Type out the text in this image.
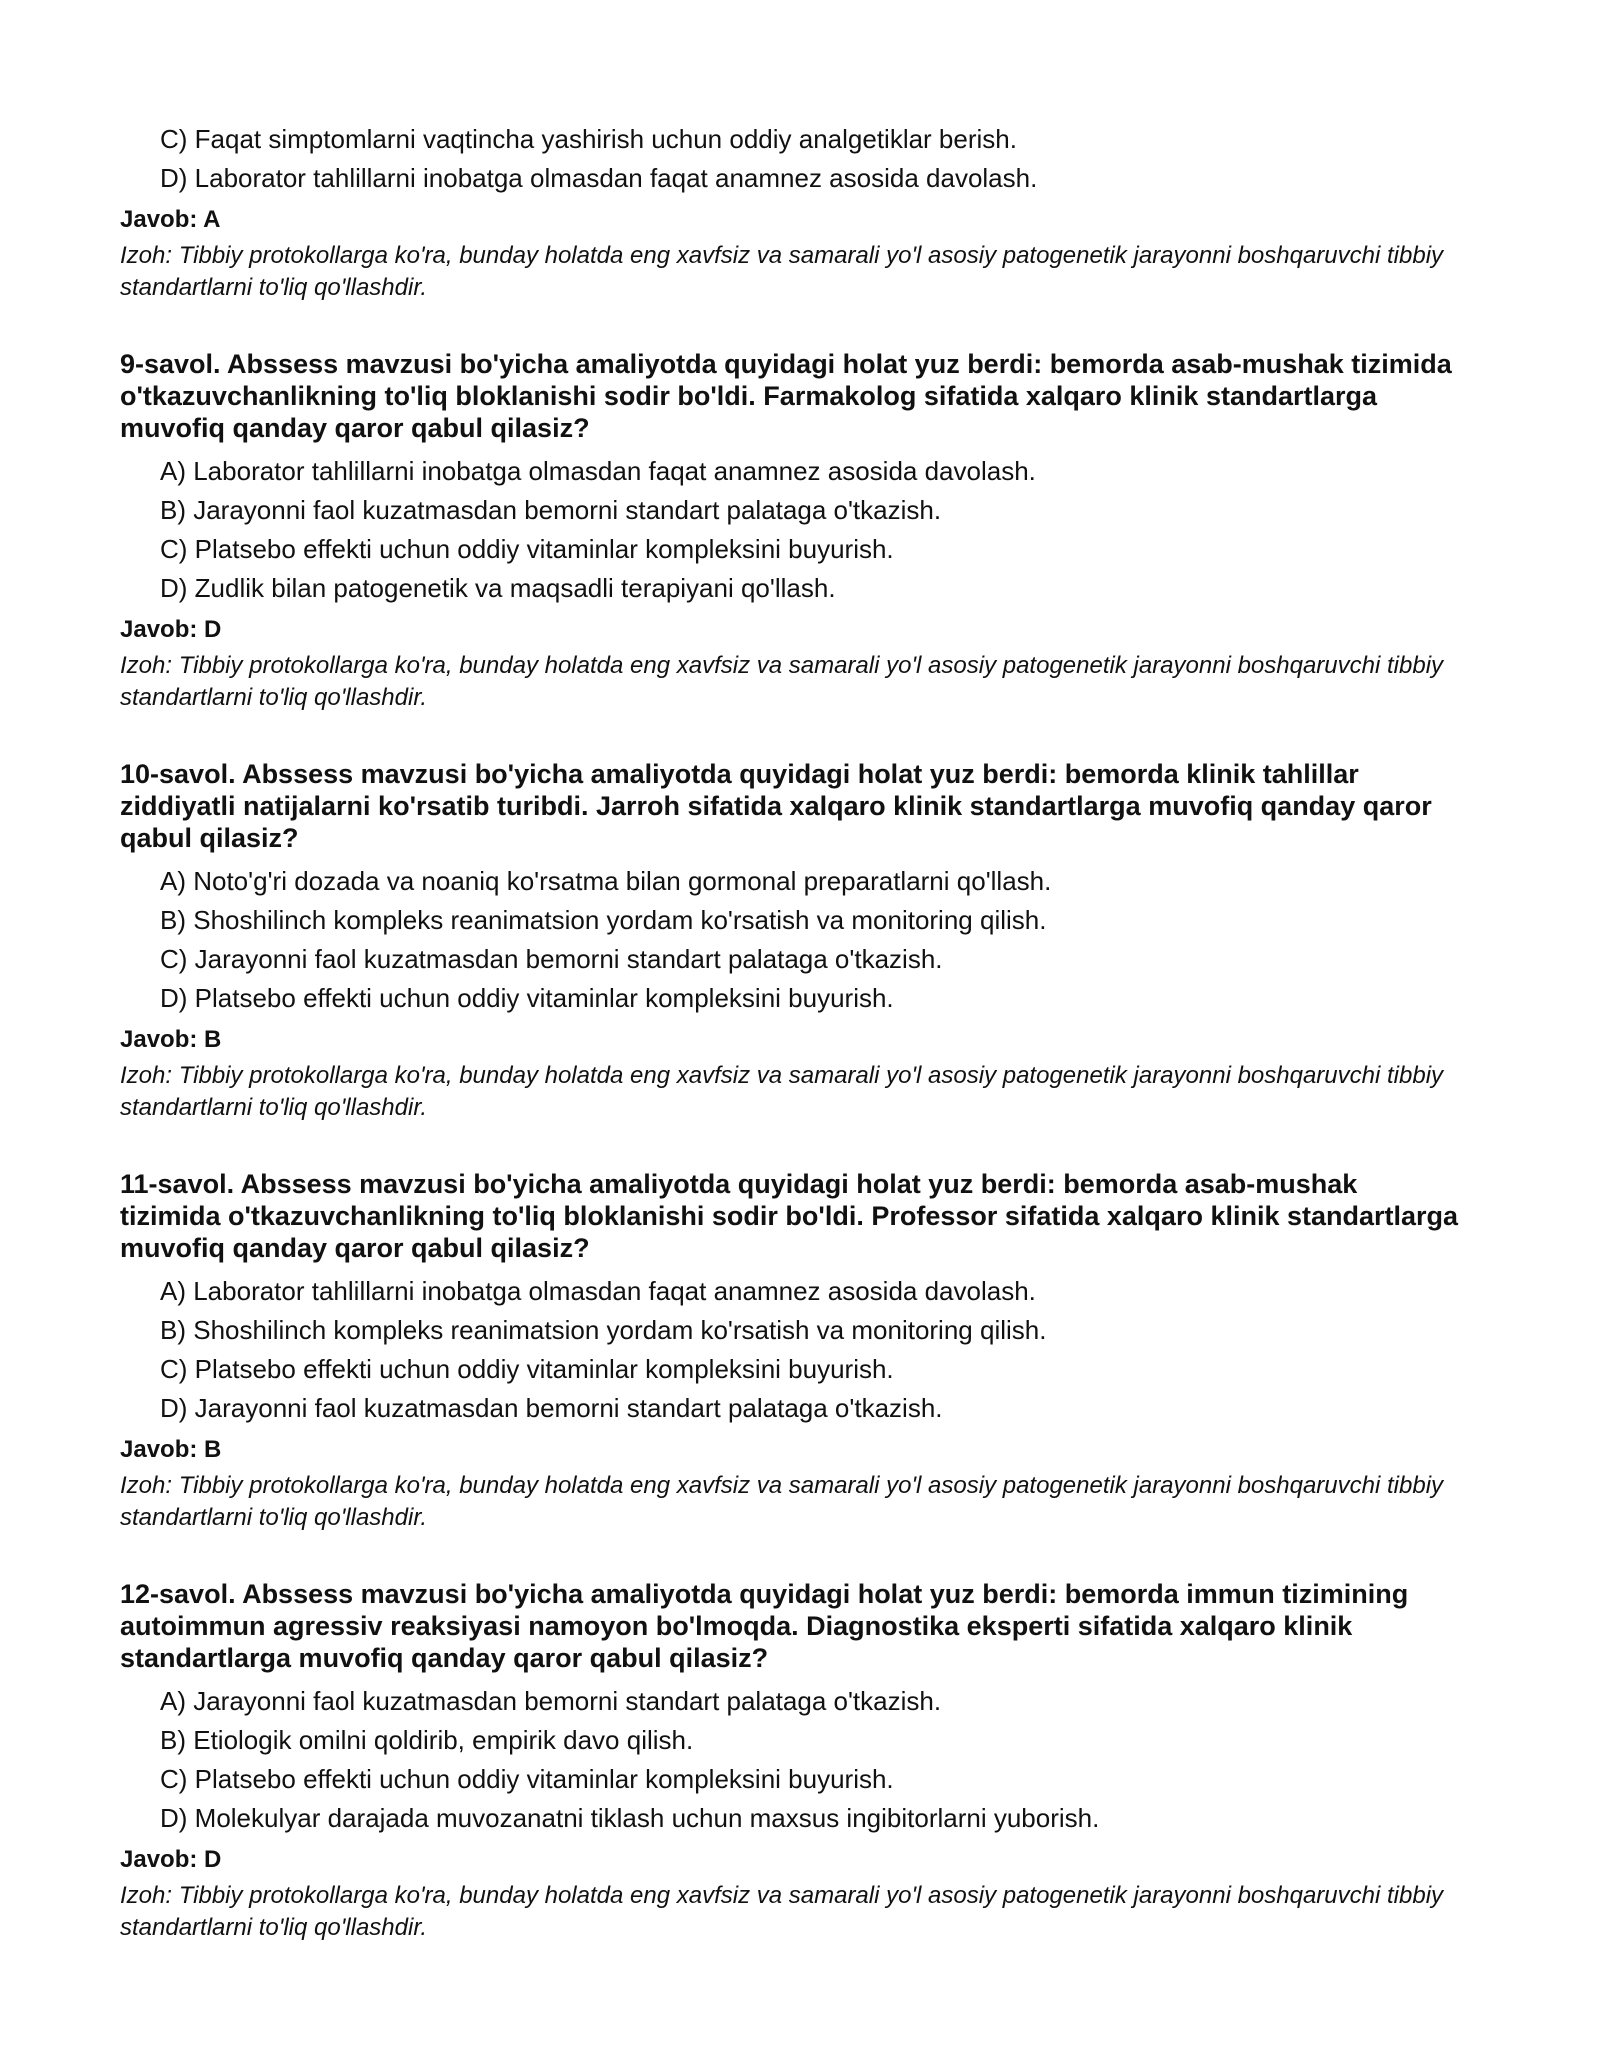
C) Faqat simptomlarni vaqtincha yashirish uchun oddiy analgetiklar berish.
D) Laborator tahlillarni inobatga olmasdan faqat anamnez asosida davolash.
Javob: A
Izoh: Tibbiy protokollarga ko'ra, bunday holatda eng xavfsiz va samarali yo'l asosiy patogenetik jarayonni boshqaruvchi tibbiy standartlarni to'liq qo'llashdir.
9-savol. Abssess mavzusi bo'yicha amaliyotda quyidagi holat yuz berdi: bemorda asab-mushak tizimida o'tkazuvchanlikning to'liq bloklanishi sodir bo'ldi. Farmakolog sifatida xalqaro klinik standartlarga muvofiq qanday qaror qabul qilasiz?
A) Laborator tahlillarni inobatga olmasdan faqat anamnez asosida davolash.
B) Jarayonni faol kuzatmasdan bemorni standart palataga o'tkazish.
C) Platsebo effekti uchun oddiy vitaminlar kompleksini buyurish.
D) Zudlik bilan patogenetik va maqsadli terapiyani qo'llash.
Javob: D
Izoh: Tibbiy protokollarga ko'ra, bunday holatda eng xavfsiz va samarali yo'l asosiy patogenetik jarayonni boshqaruvchi tibbiy standartlarni to'liq qo'llashdir.
10-savol. Abssess mavzusi bo'yicha amaliyotda quyidagi holat yuz berdi: bemorda klinik tahlillar ziddiyatli natijalarni ko'rsatib turibdi. Jarroh sifatida xalqaro klinik standartlarga muvofiq qanday qaror qabul qilasiz?
A) Noto'g'ri dozada va noaniq ko'rsatma bilan gormonal preparatlarni qo'llash.
B) Shoshilinch kompleks reanimatsion yordam ko'rsatish va monitoring qilish.
C) Jarayonni faol kuzatmasdan bemorni standart palataga o'tkazish.
D) Platsebo effekti uchun oddiy vitaminlar kompleksini buyurish.
Javob: B
Izoh: Tibbiy protokollarga ko'ra, bunday holatda eng xavfsiz va samarali yo'l asosiy patogenetik jarayonni boshqaruvchi tibbiy standartlarni to'liq qo'llashdir.
11-savol. Abssess mavzusi bo'yicha amaliyotda quyidagi holat yuz berdi: bemorda asab-mushak tizimida o'tkazuvchanlikning to'liq bloklanishi sodir bo'ldi. Professor sifatida xalqaro klinik standartlarga muvofiq qanday qaror qabul qilasiz?
A) Laborator tahlillarni inobatga olmasdan faqat anamnez asosida davolash.
B) Shoshilinch kompleks reanimatsion yordam ko'rsatish va monitoring qilish.
C) Platsebo effekti uchun oddiy vitaminlar kompleksini buyurish.
D) Jarayonni faol kuzatmasdan bemorni standart palataga o'tkazish.
Javob: B
Izoh: Tibbiy protokollarga ko'ra, bunday holatda eng xavfsiz va samarali yo'l asosiy patogenetik jarayonni boshqaruvchi tibbiy standartlarni to'liq qo'llashdir.
12-savol. Abssess mavzusi bo'yicha amaliyotda quyidagi holat yuz berdi: bemorda immun tizimining autoimmun agressiv reaksiyasi namoyon bo'lmoqda. Diagnostika eksperti sifatida xalqaro klinik standartlarga muvofiq qanday qaror qabul qilasiz?
A) Jarayonni faol kuzatmasdan bemorni standart palataga o'tkazish.
B) Etiologik omilni qoldirib, empirik davo qilish.
C) Platsebo effekti uchun oddiy vitaminlar kompleksini buyurish.
D) Molekulyar darajada muvozanatni tiklash uchun maxsus ingibitorlarni yuborish.
Javob: D
Izoh: Tibbiy protokollarga ko'ra, bunday holatda eng xavfsiz va samarali yo'l asosiy patogenetik jarayonni boshqaruvchi tibbiy standartlarni to'liq qo'llashdir.
